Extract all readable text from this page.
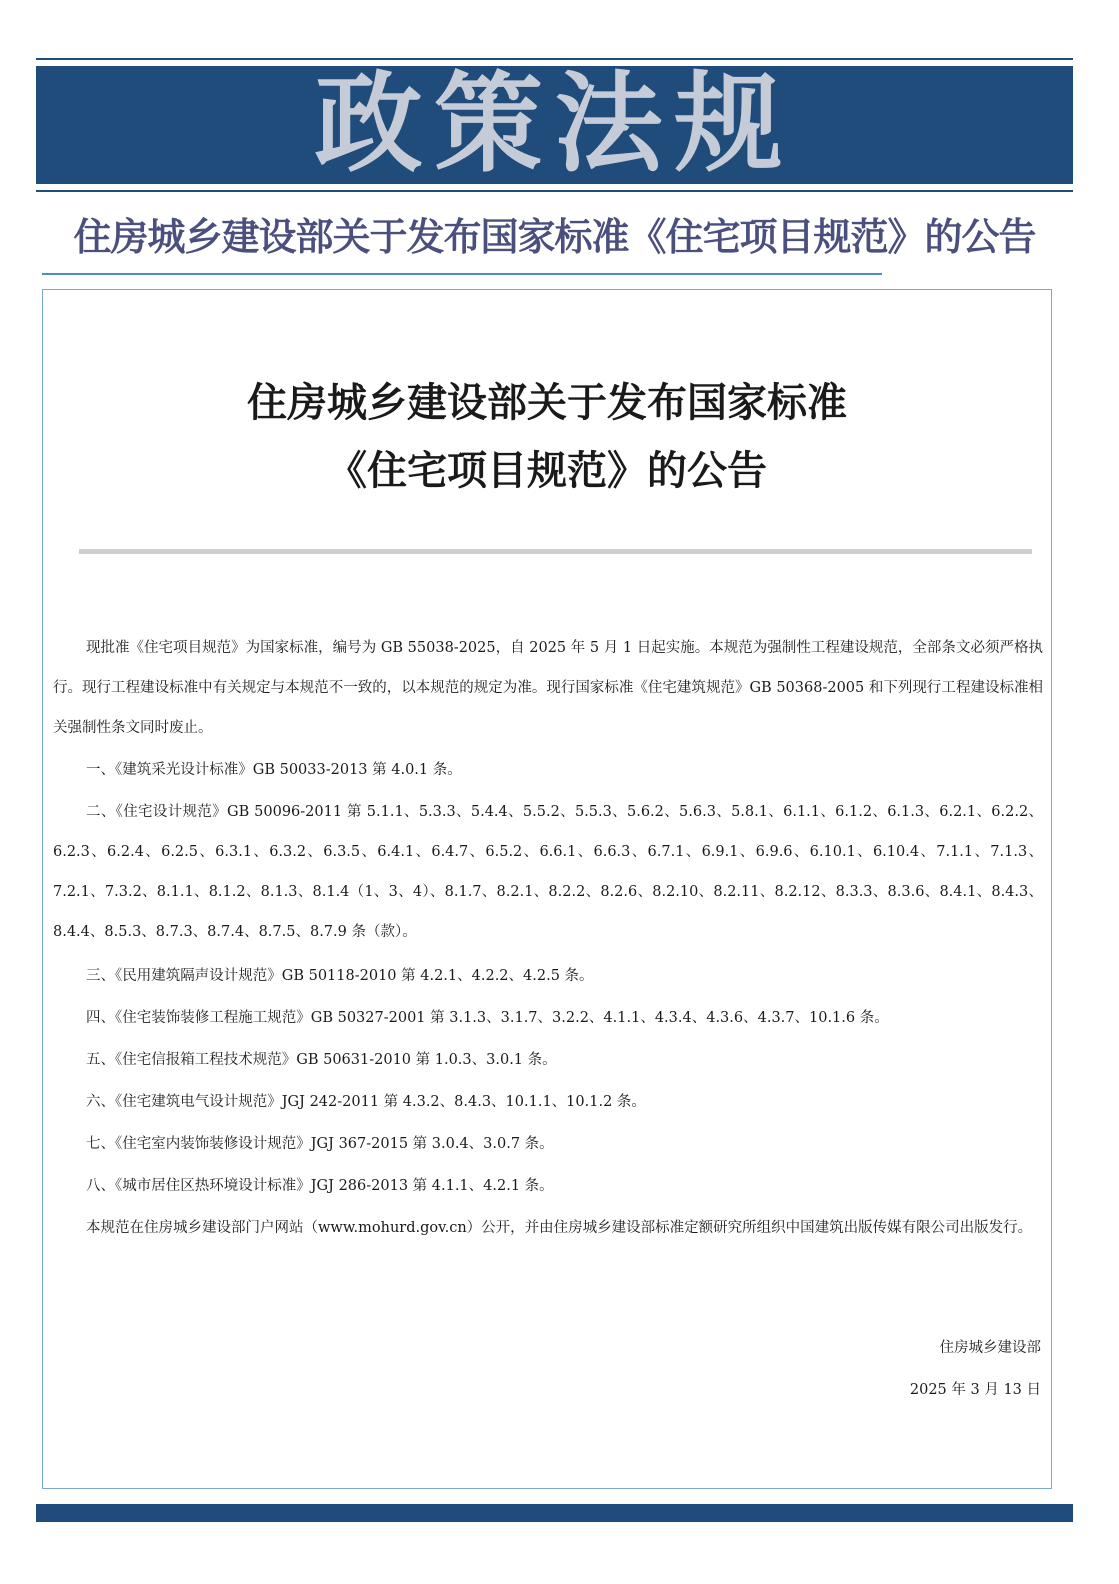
政策法规
住房城乡建设部关于发布国家标准《住宅项目规范》的公告
住房城乡建设部关于发布国家标准
《住宅项目规范》的公告

现批准《住宅项目规范》为国家标准，编号为 GB 55038-2025，自 2025 年 5 月 1 日起实施。本规范为强制性工程建设规范，全部条文必须严格执行。现行工程建设标准中有关规定与本规范不一致的，以本规范的规定为准。现行国家标准《住宅建筑规范》GB 50368-2005 和下列现行工程建设标准相关强制性条文同时废止。

一、《建筑采光设计标准》GB 50033-2013 第 4.0.1 条。

二、《住宅设计规范》GB 50096-2011 第 5.1.1、5.3.3、5.4.4、5.5.2、5.5.3、5.6.2、5.6.3、5.8.1、6.1.1、6.1.2、6.1.3、6.2.1、6.2.2、6.2.3、6.2.4、6.2.5、6.3.1、6.3.2、6.3.5、6.4.1、6.4.7、6.5.2、6.6.1、6.6.3、6.7.1、6.9.1、6.9.6、6.10.1、6.10.4、7.1.1、7.1.3、7.2.1、7.3.2、8.1.1、8.1.2、8.1.3、8.1.4（1、3、4）、8.1.7、8.2.1、8.2.2、8.2.6、8.2.10、8.2.11、8.2.12、8.3.3、8.3.6、8.4.1、8.4.3、8.4.4、8.5.3、8.7.3、8.7.4、8.7.5、8.7.9 条（款）。

三、《民用建筑隔声设计规范》GB 50118-2010 第 4.2.1、4.2.2、4.2.5 条。

四、《住宅装饰装修工程施工规范》GB 50327-2001 第 3.1.3、3.1.7、3.2.2、4.1.1、4.3.4、4.3.6、4.3.7、10.1.6 条。

五、《住宅信报箱工程技术规范》GB 50631-2010 第 1.0.3、3.0.1 条。

六、《住宅建筑电气设计规范》JGJ 242-2011 第 4.3.2、8.4.3、10.1.1、10.1.2 条。

七、《住宅室内装饰装修设计规范》JGJ 367-2015 第 3.0.4、3.0.7 条。

八、《城市居住区热环境设计标准》JGJ 286-2013 第 4.1.1、4.2.1 条。

本规范在住房城乡建设部门户网站（www.mohurd.gov.cn）公开，并由住房城乡建设部标准定额研究所组织中国建筑出版传媒有限公司出版发行。

住房城乡建设部
2025 年 3 月 13 日
